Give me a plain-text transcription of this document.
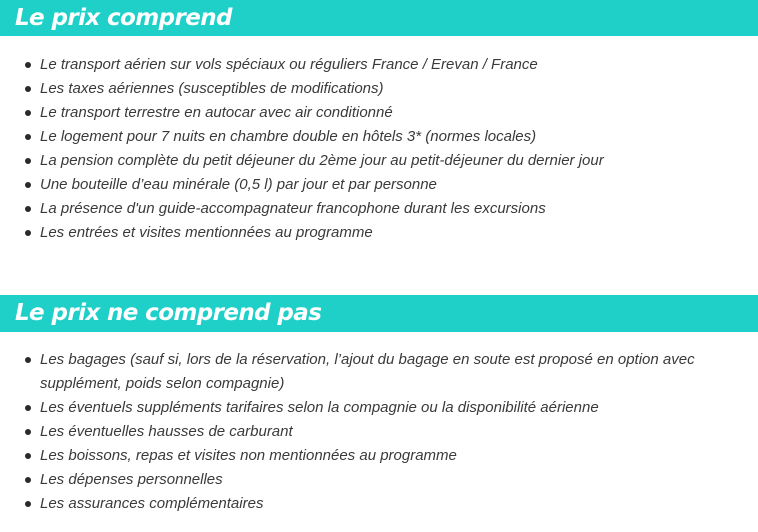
Le prix comprend
Le transport aérien sur vols spéciaux ou réguliers France / Erevan / France
Les taxes aériennes (susceptibles de modifications)
Le transport terrestre en autocar avec air conditionné
Le logement pour 7 nuits en chambre double en hôtels 3* (normes locales)
La pension complète du petit déjeuner du 2ème jour au petit-déjeuner du dernier jour
Une bouteille d’eau minérale (0,5 l) par jour et par personne
La présence d'un guide-accompagnateur francophone durant les excursions
Les entrées et visites mentionnées au programme
Le prix ne comprend pas
Les bagages (sauf si, lors de la réservation, l’ajout du bagage en soute est proposé en option avec supplément, poids selon compagnie)
Les éventuels suppléments tarifaires selon la compagnie ou la disponibilité aérienne
Les éventuelles hausses de carburant
Les boissons, repas et visites non mentionnées au programme
Les dépenses personnelles
Les assurances complémentaires
